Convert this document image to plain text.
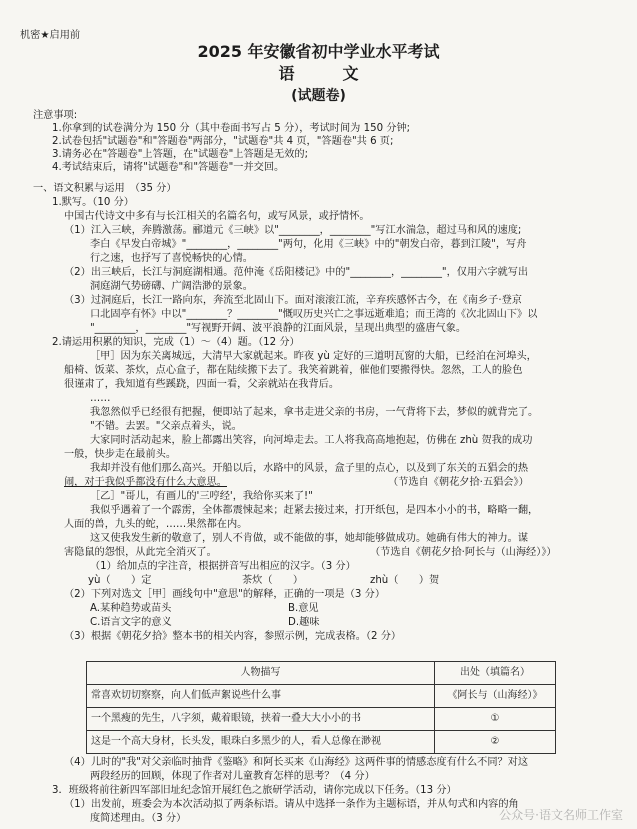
机密★启用前
2025 年安徽省初中学业水平考试
语文
(试题卷)
注意事项:
1.你拿到的试卷满分为 150 分（其中卷面书写占 5 分），考试时间为 150 分钟;
2.试卷包括"试题卷"和"答题卷"两部分，"试题卷"共 4 页，"答题卷"共 6 页;
3.请务必在"答题卷"上答题，在"试题卷"上答题是无效的;
4.考试结束后，请将"试题卷"和"答题卷"一并交回。
一、语文积累与运用　（35 分）
1.默写。（10 分）
中国古代诗文中多有与长江相关的名篇名句，或写风景，或抒情怀。
（1）江入三峡，奔腾激荡。郦道元《三峡》以"________，________"写江水湍急，超过马和风的速度;
李白《早发白帝城》"________，________"两句，化用《三峡》中的"朝发白帝，暮到江陵"，写舟
行之速，也抒写了喜悦畅快的心情。
（2）出三峡后，长江与洞庭湖相通。范仲淹《岳阳楼记》中的"________，________"，仅用六字就写出
洞庭湖气势磅礴、广阔浩渺的景象。
（3）过洞庭后，长江一路向东，奔流至北固山下。面对滚滚江流，辛弃疾感怀古今，在《南乡子·登京
口北固亭有怀》中以"________？________"慨叹历史兴亡之事远逝难追；而王湾的《次北固山下》以
"________，________"写视野开阔、波平浪静的江面风景，呈现出典型的盛唐气象。
2.请运用积累的知识，完成（1）～（4）题。（12 分）
［甲］因为东关离城远，大清早大家就起来。昨夜 yù 定好的三道明瓦窗的大船，已经泊在河埠头，
船椅、饭菜、茶炊，点心盒子，都在陆续搬下去了。我笑着跳着，催他们要搬得快。忽然，工人的脸色
很谨肃了，我知道有些蹊跷，四面一看，父亲就站在我背后。
……
我忽然似乎已经很有把握，便即站了起来，拿书走进父亲的书房，一气背将下去，梦似的就背完了。
"不错。去罢。"父亲点着头，说。
大家同时活动起来，脸上都露出笑容，向河埠走去。工人将我高高地抱起，仿佛在 zhù 贺我的成功
一般，快步走在最前头。
我却并没有他们那么高兴。开船以后，水路中的风景，盒子里的点心，以及到了东关的五猖会的热
闹，对于我似乎都没有什么大意思。	（节选自《朝花夕拾·五猖会》）
［乙］"哥儿，有画儿的'三哼经'，我给你买来了!"
我似乎遇着了一个霹雳，全体都震悚起来；赶紧去接过来，打开纸包，是四本小小的书，略略一翻，
人面的兽，九头的蛇，……果然都在内。
这又使我发生新的敬意了，别人不肯做，或不能做的事，她却能够做成功。她确有伟大的神力。谋
害隐鼠的怨恨，从此完全消灭了。	（节选自《朝花夕拾·阿长与（山海经）》）
（1）给加点的字注音，根据拼音写出相应的汉字。（3 分）
yù（　　）定	茶炊（　　）	zhù（　　）贺
（2）下列对选文［甲］画线句中"意思"的解释，正确的一项是（3 分）
A.某种趋势或苗头	B.意见
C.语言文字的意义	D.趣味
（3）根据《朝花夕拾》整本书的相关内容，参照示例，完成表格。（2 分）
人物描写	出处（填篇名）
常喜欢切切察察，向人们低声絮说些什么事	《阿长与（山海经）》
一个黑瘦的先生，八字须，戴着眼镜，挟着一叠大大小小的书	①
这是一个高大身材，长头发，眼珠白多黑少的人，看人总像在渺视	②
（4）儿时的"我"对父亲临时抽背《鉴略》和阿长买来《山海经》这两件事的情感态度有什么不同？对这
两段经历的回顾，体现了作者对儿童教育怎样的思考？（4 分）
3．班级将前往新四军部旧址纪念馆开展红色之旅研学活动，请你完成以下任务。（13 分）
（1）出发前，班委会为本次活动拟了两条标语。请从中选择一条作为主题标语，并从句式和内容的角
度简述理由。（3 分）	公众号·语文名师工作室
